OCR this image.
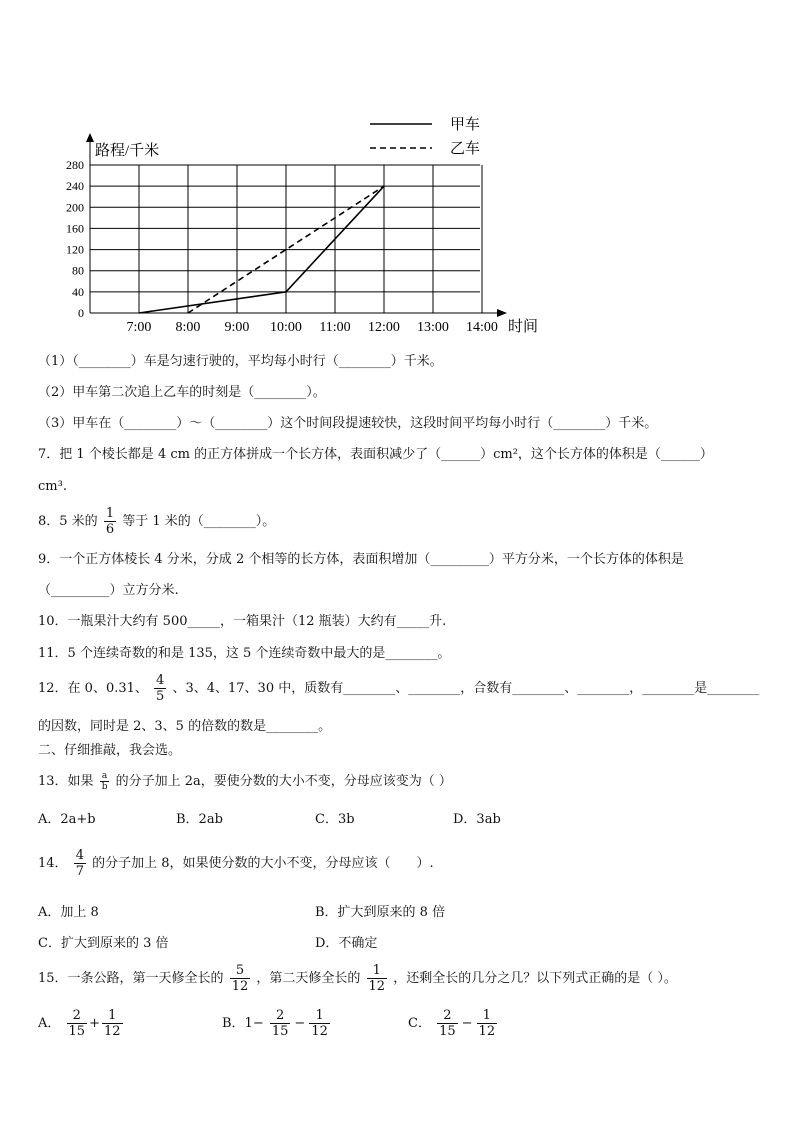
0
40
80
120
160
200
240
280
7:00 8:00 9:00 10:00 11:00 12:00 13:00 14:00
甲车
乙车
路程/千米
时间
（1）（________）车是匀速行驶的，平均每小时行（________）千米。
（2）甲车第二次追上乙车的时刻是（________）。
（3）甲车在（________）～（________）这个时间段提速较快，这段时间平均每小时行（________）千米。
7．把 1 个棱长都是 4 cm 的正方体拼成一个长方体，表面积减少了（______）cm²，这个长方体的体积是（______）
cm³.
8．5 米的 $\frac{1}{6}$ 等于 1 米的（________）。
9．一个正方体棱长 4 分米，分成 2 个相等的长方体，表面积增加（_________）平方分米，一个长方体的体积是
（_________）立方分米.
10．一瓶果汁大约有 500_____，一箱果汁（12 瓶装）大约有_____升.
11．5 个连续奇数的和是 135，这 5 个连续奇数中最大的是________。
12．在 0、0.31、 $\frac{4}{5}$ 、3、4、17、30 中，质数有________、________，合数有________、________，________是________
的因数，同时是 2、3、5 的倍数的数是________。
二、仔细推敲，我会选。
13．如果 $\frac{a}{b}$ 的分子加上 2a，要使分数的大小不变，分母应该变为（ ）
A．2a+b	B．2ab	C．3b	D．3ab
14． $\frac{4}{7}$ 的分子加上 8，如果使分数的大小不变，分母应该（　　）.
A．加上 8	B．扩大到原来的 8 倍
C．扩大到原来的 3 倍	D．不确定
15．一条公路，第一天修全长的 $\frac{5}{12}$ ，第二天修全长的 $\frac{1}{12}$ ，还剩全长的几分之几？以下列式正确的是（ ）。
A． $\frac{2}{15} + \frac{1}{12}$	B．$1- \frac{2}{15} - \frac{1}{12}$	C． $\frac{2}{15} - \frac{1}{12}$
